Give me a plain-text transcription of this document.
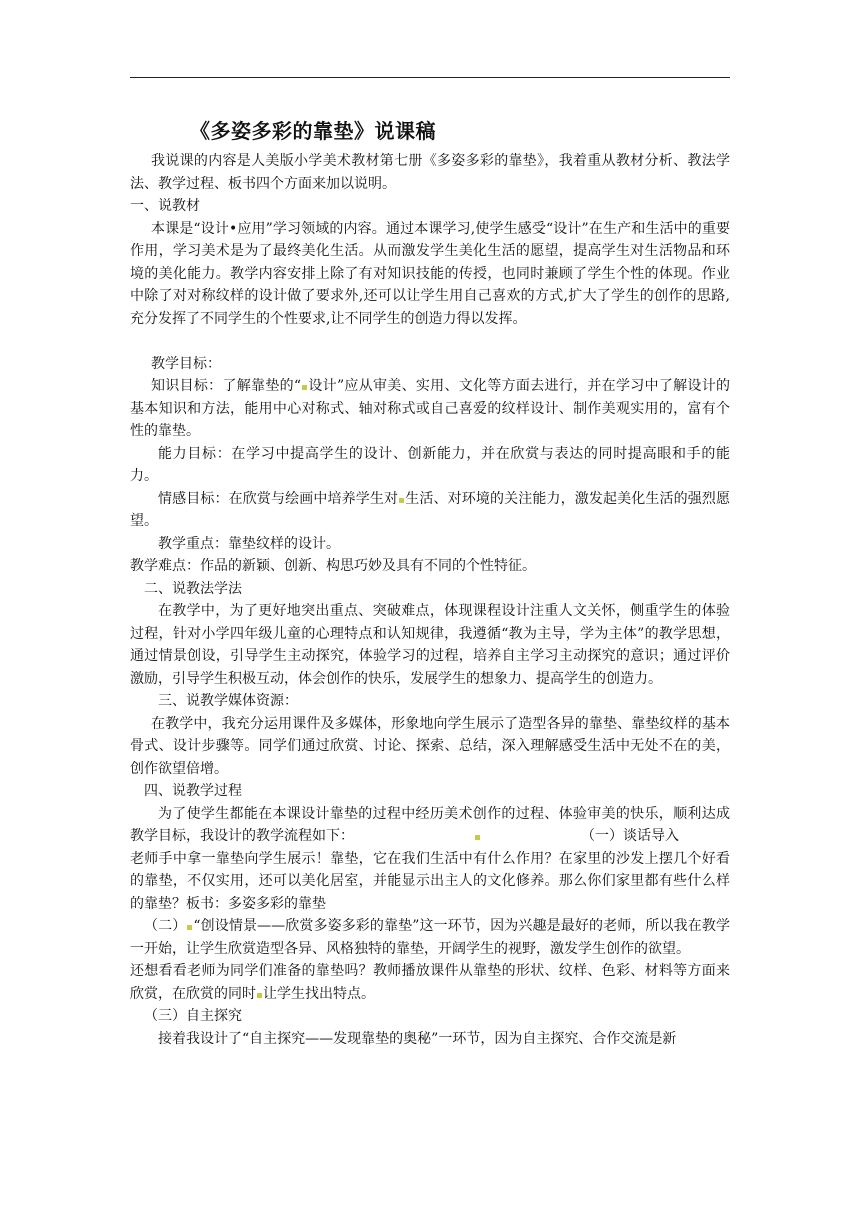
《多姿多彩的靠垫》说课稿

我说课的内容是人美版小学美术教材第七册《多姿多彩的靠垫》，我着重从教材分析、教法学法、教学过程、板书四个方面来加以说明。

一、说教材

本课是“设计•应用”学习领域的内容。通过本课学习,使学生感受“设计”在生产和生活中的重要作用，学习美术是为了最终美化生活。从而激发学生美化生活的愿望，提高学生对生活物品和环境的美化能力。教学内容安排上除了有对知识技能的传授，也同时兼顾了学生个性的体现。作业中除了对对称纹样的设计做了要求外,还可以让学生用自己喜欢的方式,扩大了学生的创作的思路,充分发挥了不同学生的个性要求,让不同学生的创造力得以发挥。

教学目标：

知识目标：了解靠垫的“ 设计”应从审美、实用、文化等方面去进行，并在学习中了解设计的基本知识和方法，能用中心对称式、轴对称式或自己喜爱的纹样设计、制作美观实用的，富有个性的靠垫。

能力目标：在学习中提高学生的设计、创新能力，并在欣赏与表达的同时提高眼和手的能力。

情感目标：在欣赏与绘画中培养学生对 生活、对环境的关注能力，激发起美化生活的强烈愿望。

教学重点：靠垫纹样的设计。

教学难点：作品的新颖、创新、构思巧妙及具有不同的个性特征。

二、说教法学法

在教学中，为了更好地突出重点、突破难点，体现课程设计注重人文关怀，侧重学生的体验过程，针对小学四年级儿童的心理特点和认知规律，我遵循“教为主导，学为主体”的教学思想，通过情景创设，引导学生主动探究，体验学习的过程，培养自主学习主动探究的意识；通过评价激励，引导学生积极互动，体会创作的快乐，发展学生的想象力、提高学生的创造力。

三、说教学媒体资源：

在教学中，我充分运用课件及多媒体，形象地向学生展示了造型各异的靠垫、靠垫纹样的基本骨式、设计步骤等。同学们通过欣赏、讨论、探索、总结，深入理解感受生活中无处不在的美，创作欲望倍增。

四、说教学过程

为了使学生都能在本课设计靠垫的过程中经历美术创作的过程、体验审美的快乐，顺利达成教学目标，我设计的教学流程如下：	（一）谈话导入

老师手中拿一靠垫向学生展示！靠垫，它在我们生活中有什么作用？在家里的沙发上摆几个好看的靠垫，不仅实用，还可以美化居室，并能显示出主人的文化修养。那么你们家里都有些什么样的靠垫？板书：多姿多彩的靠垫

（二） “创设情景——欣赏多姿多彩的靠垫”这一环节，因为兴趣是最好的老师，所以我在教学一开始，让学生欣赏造型各异、风格独特的靠垫，开阔学生的视野，激发学生创作的欲望。

还想看看老师为同学们准备的靠垫吗？教师播放课件从靠垫的形状、纹样、色彩、材料等方面来欣赏，在欣赏的同时 让学生找出特点。

（三）自主探究

接着我设计了“自主探究——发现靠垫的奥秘”一环节，因为自主探究、合作交流是新
